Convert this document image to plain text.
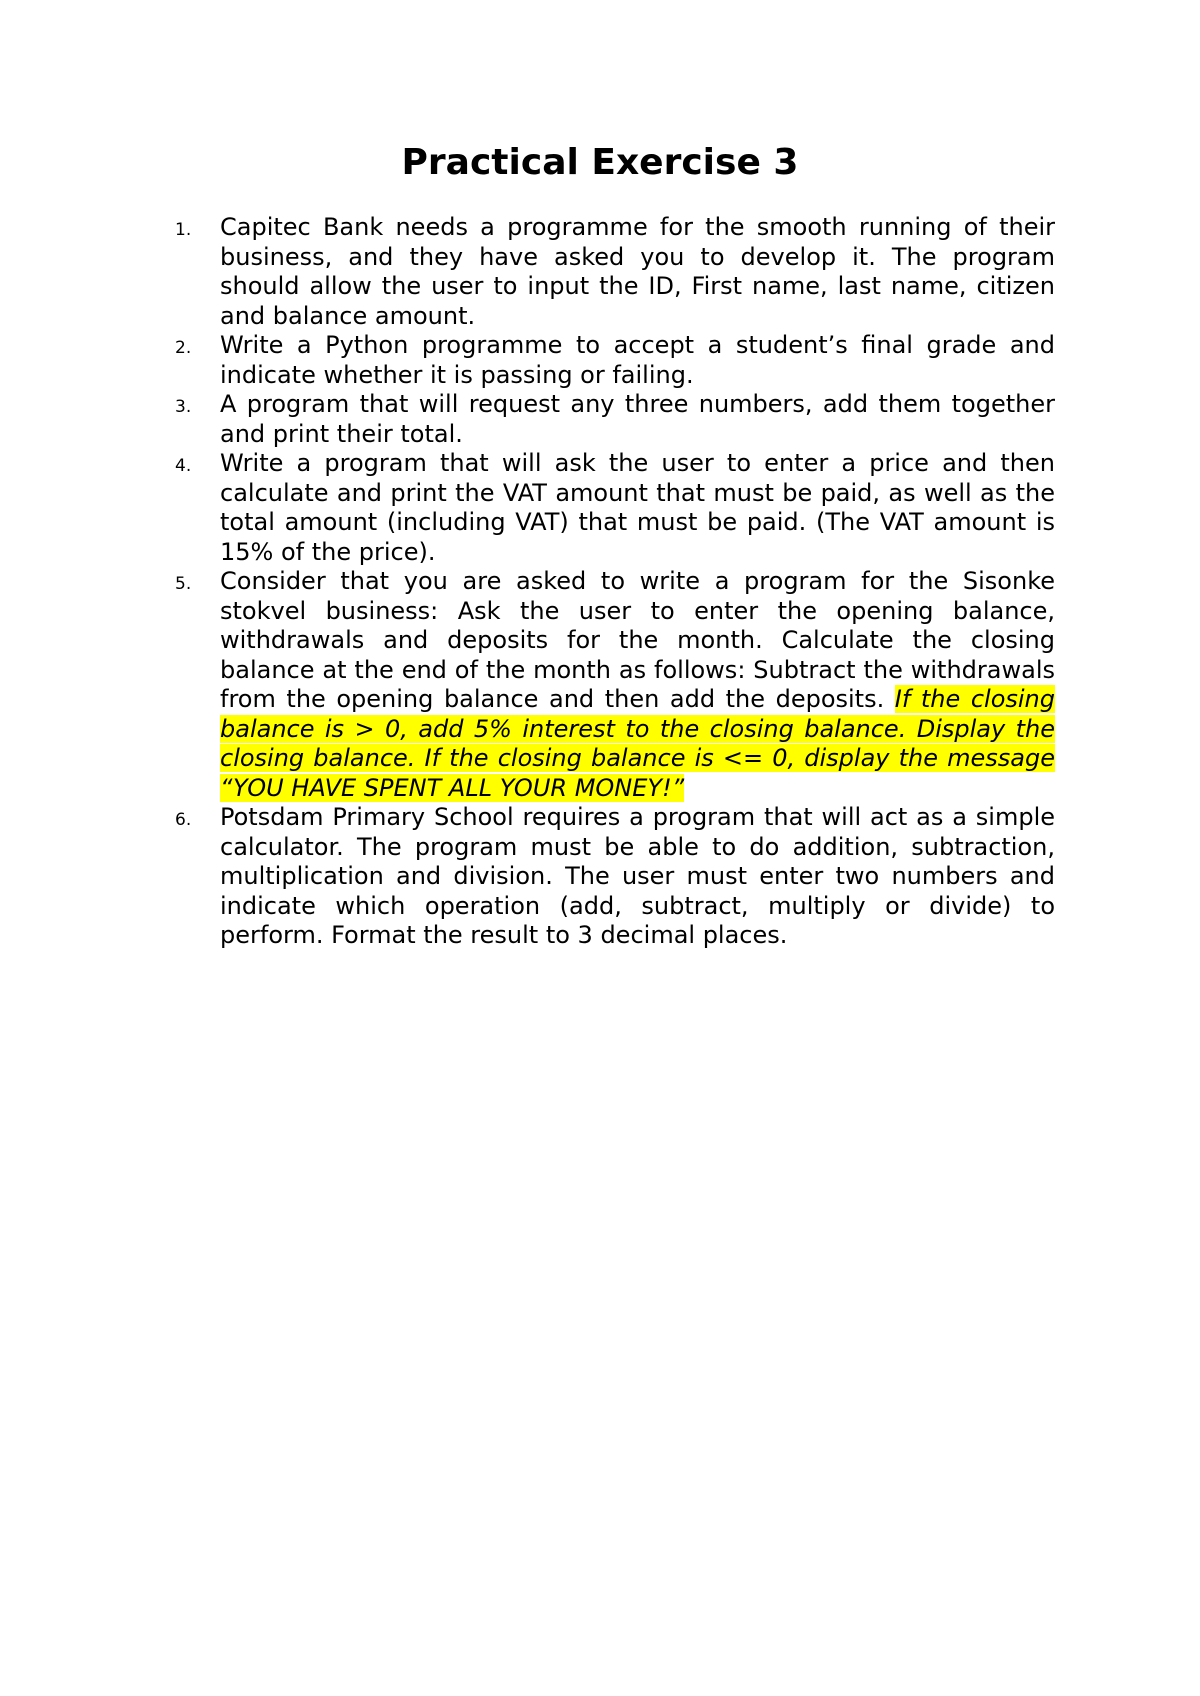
Practical Exercise 3
1. Capitec Bank needs a programme for the smooth running of their business, and they have asked you to develop it. The program should allow the user to input the ID, First name, last name, citizen and balance amount.
2. Write a Python programme to accept a student’s final grade and indicate whether it is passing or failing.
3. A program that will request any three numbers, add them together and print their total.
4. Write a program that will ask the user to enter a price and then calculate and print the VAT amount that must be paid, as well as the total amount (including VAT) that must be paid. (The VAT amount is 15% of the price).
5. Consider that you are asked to write a program for the Sisonke stokvel business: Ask the user to enter the opening balance, withdrawals and deposits for the month. Calculate the closing balance at the end of the month as follows: Subtract the withdrawals from the opening balance and then add the deposits. If the closing balance is > 0, add 5% interest to the closing balance. Display the closing balance. If the closing balance is <= 0, display the message “YOU HAVE SPENT ALL YOUR MONEY!”
6. Potsdam Primary School requires a program that will act as a simple calculator. The program must be able to do addition, subtraction, multiplication and division. The user must enter two numbers and indicate which operation (add, subtract, multiply or divide) to perform. Format the result to 3 decimal places.
